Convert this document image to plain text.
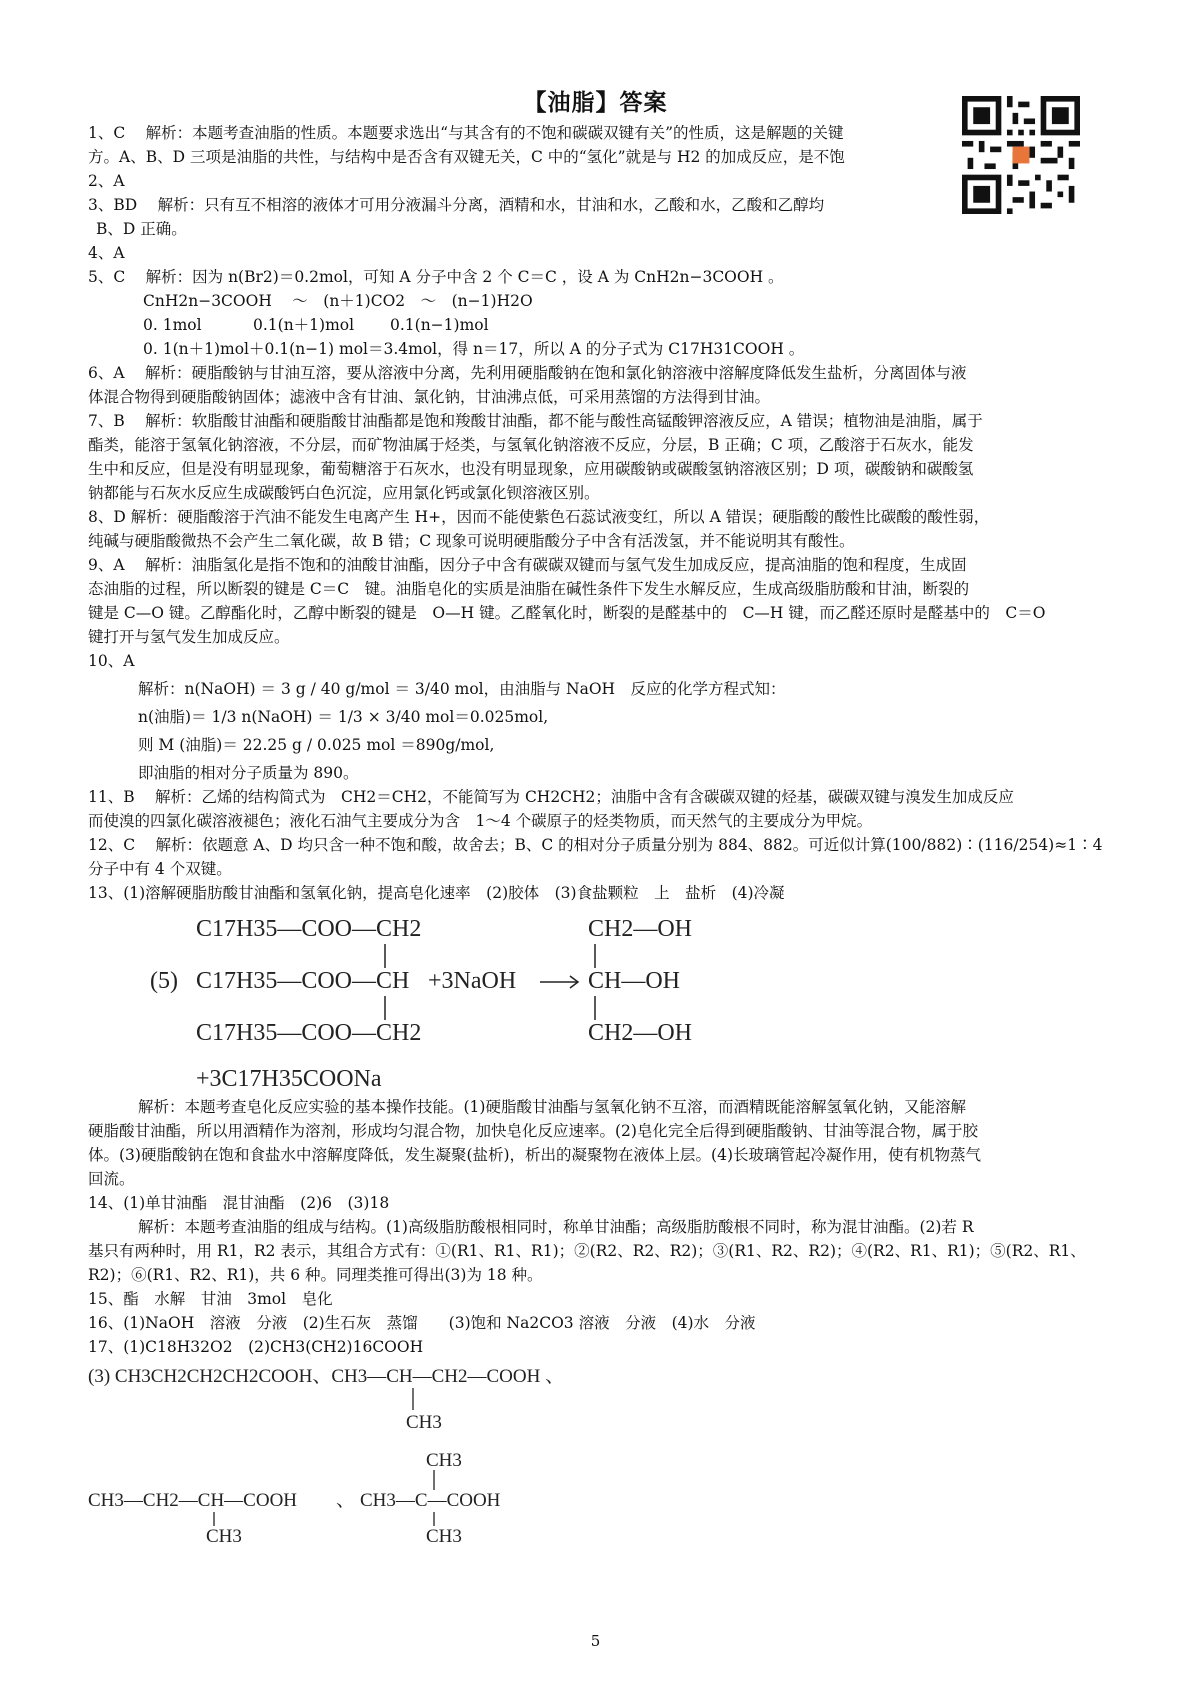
【油脂】答案
1、C　 解析：本题考查油脂的性质。本题要求选出“与其含有的不饱和碳碳双键有关”的性质，这是解题的关键
方。A、B、D 三项是油脂的共性，与结构中是否含有双键无关，C 中的“氢化”就是与 H2 的加成反应，是不饱
2、A
3、BD　 解析：只有互不相溶的液体才可用分液漏斗分离，酒精和水，甘油和水，乙酸和水，乙酸和乙醇均
B、D 正确。
4、A
5、C　 解析：因为 n(Br2)＝0.2mol，可知 A 分子中含 2 个 C＝C ，设 A 为 CnH2n−3COOH 。
CnH2n−3COOH　 ～　(n＋1)CO2　～　(n−1)H2O
0. 1mol　　　 0.1(n＋1)mol　　 0.1(n−1)mol
0. 1(n＋1)mol＋0.1(n−1) mol＝3.4mol，得 n＝17，所以 A 的分子式为 C17H31COOH 。
6、A　 解析：硬脂酸钠与甘油互溶，要从溶液中分离，先利用硬脂酸钠在饱和氯化钠溶液中溶解度降低发生盐析，分离固体与液
体混合物得到硬脂酸钠固体；滤液中含有甘油、氯化钠，甘油沸点低，可采用蒸馏的方法得到甘油。
7、B　 解析：软脂酸甘油酯和硬脂酸甘油酯都是饱和羧酸甘油酯，都不能与酸性高锰酸钾溶液反应，A 错误；植物油是油脂，属于
酯类，能溶于氢氧化钠溶液，不分层，而矿物油属于烃类，与氢氧化钠溶液不反应，分层，B 正确；C 项，乙酸溶于石灰水，能发
生中和反应，但是没有明显现象，葡萄糖溶于石灰水，也没有明显现象，应用碳酸钠或碳酸氢钠溶液区别；D 项，碳酸钠和碳酸氢
钠都能与石灰水反应生成碳酸钙白色沉淀，应用氯化钙或氯化钡溶液区别。
8、D 解析：硬脂酸溶于汽油不能发生电离产生 H+，因而不能使紫色石蕊试液变红，所以 A 错误；硬脂酸的酸性比碳酸的酸性弱，
纯碱与硬脂酸微热不会产生二氧化碳，故 B 错；C 现象可说明硬脂酸分子中含有活泼氢，并不能说明其有酸性。
9、A　 解析：油脂氢化是指不饱和的油酸甘油酯，因分子中含有碳碳双键而与氢气发生加成反应，提高油脂的饱和程度，生成固
态油脂的过程，所以断裂的键是 C＝C　键。油脂皂化的实质是油脂在碱性条件下发生水解反应，生成高级脂肪酸和甘油，断裂的
键是 C—O 键。乙醇酯化时，乙醇中断裂的键是　O—H 键。乙醛氧化时，断裂的是醛基中的　C—H 键，而乙醛还原时是醛基中的　C＝O
键打开与氢气发生加成反应。
10、A
解析：n(NaOH) ＝ 3 g / 40 g/mol ＝ 3/40 mol，由油脂与 NaOH　反应的化学方程式知：
n(油脂)＝ 1/3 n(NaOH) ＝ 1/3 × 3/40 mol＝0.025mol,
则 M (油脂)＝ 22.25 g / 0.025 mol ＝890g/mol,
即油脂的相对分子质量为 890。
11、B　 解析：乙烯的结构简式为　CH2＝CH2，不能简写为 CH2CH2；油脂中含有含碳碳双键的烃基，碳碳双键与溴发生加成反应
而使溴的四氯化碳溶液褪色；液化石油气主要成分为含　1～4 个碳原子的烃类物质，而天然气的主要成分为甲烷。
12、C　 解析：依题意 A、D 均只含一种不饱和酸，故舍去；B、C 的相对分子质量分别为 884、882。可近似计算(100/882)∶(116/254)≈1∶4
分子中有 4 个双键。
13、(1)溶解硬脂肪酸甘油酯和氢氧化钠，提高皂化速率　(2)胶体　(3)食盐颗粒　上　盐析　(4)冷凝
C17H35—COO—CH2
(5) C17H35—COO—CH
C17H35—COO—CH2
+3NaOH
CH2—OH
CH—OH
CH2—OH
+3C17H35COONa
解析：本题考查皂化反应实验的基本操作技能。(1)硬脂酸甘油酯与氢氧化钠不互溶，而酒精既能溶解氢氧化钠，又能溶解
硬脂酸甘油酯，所以用酒精作为溶剂，形成均匀混合物，加快皂化反应速率。(2)皂化完全后得到硬脂酸钠、甘油等混合物，属于胶
体。(3)硬脂酸钠在饱和食盐水中溶解度降低，发生凝聚(盐析)，析出的凝聚物在液体上层。(4)长玻璃管起冷凝作用，使有机物蒸气
回流。
14、(1)单甘油酯　混甘油酯　(2)6　(3)18
解析：本题考查油脂的组成与结构。(1)高级脂肪酸根相同时，称单甘油酯；高级脂肪酸根不同时，称为混甘油酯。(2)若 R
基只有两种时，用 R1，R2 表示，其组合方式有：①(R1、R1、R1)；②(R2、R2、R2)；③(R1、R2、R2)；④(R2、R1、R1)；⑤(R2、R1、
R2)；⑥(R1、R2、R1)，共 6 种。同理类推可得出(3)为 18 种。
15、酯　水解　甘油　3mol　皂化
16、(1)NaOH　溶液　分液　(2)生石灰　蒸馏　　(3)饱和 Na2CO3 溶液　分液　(4)水　分液
17、(1)C18H32O2　(2)CH3(CH2)16COOH
(3) CH3CH2CH2CH2COOH、CH3—CH—CH2—COOH 、
CH3
CH3
CH3—CH2—CH—COOH 、 CH3—C—COOH
CH3	CH3
5
